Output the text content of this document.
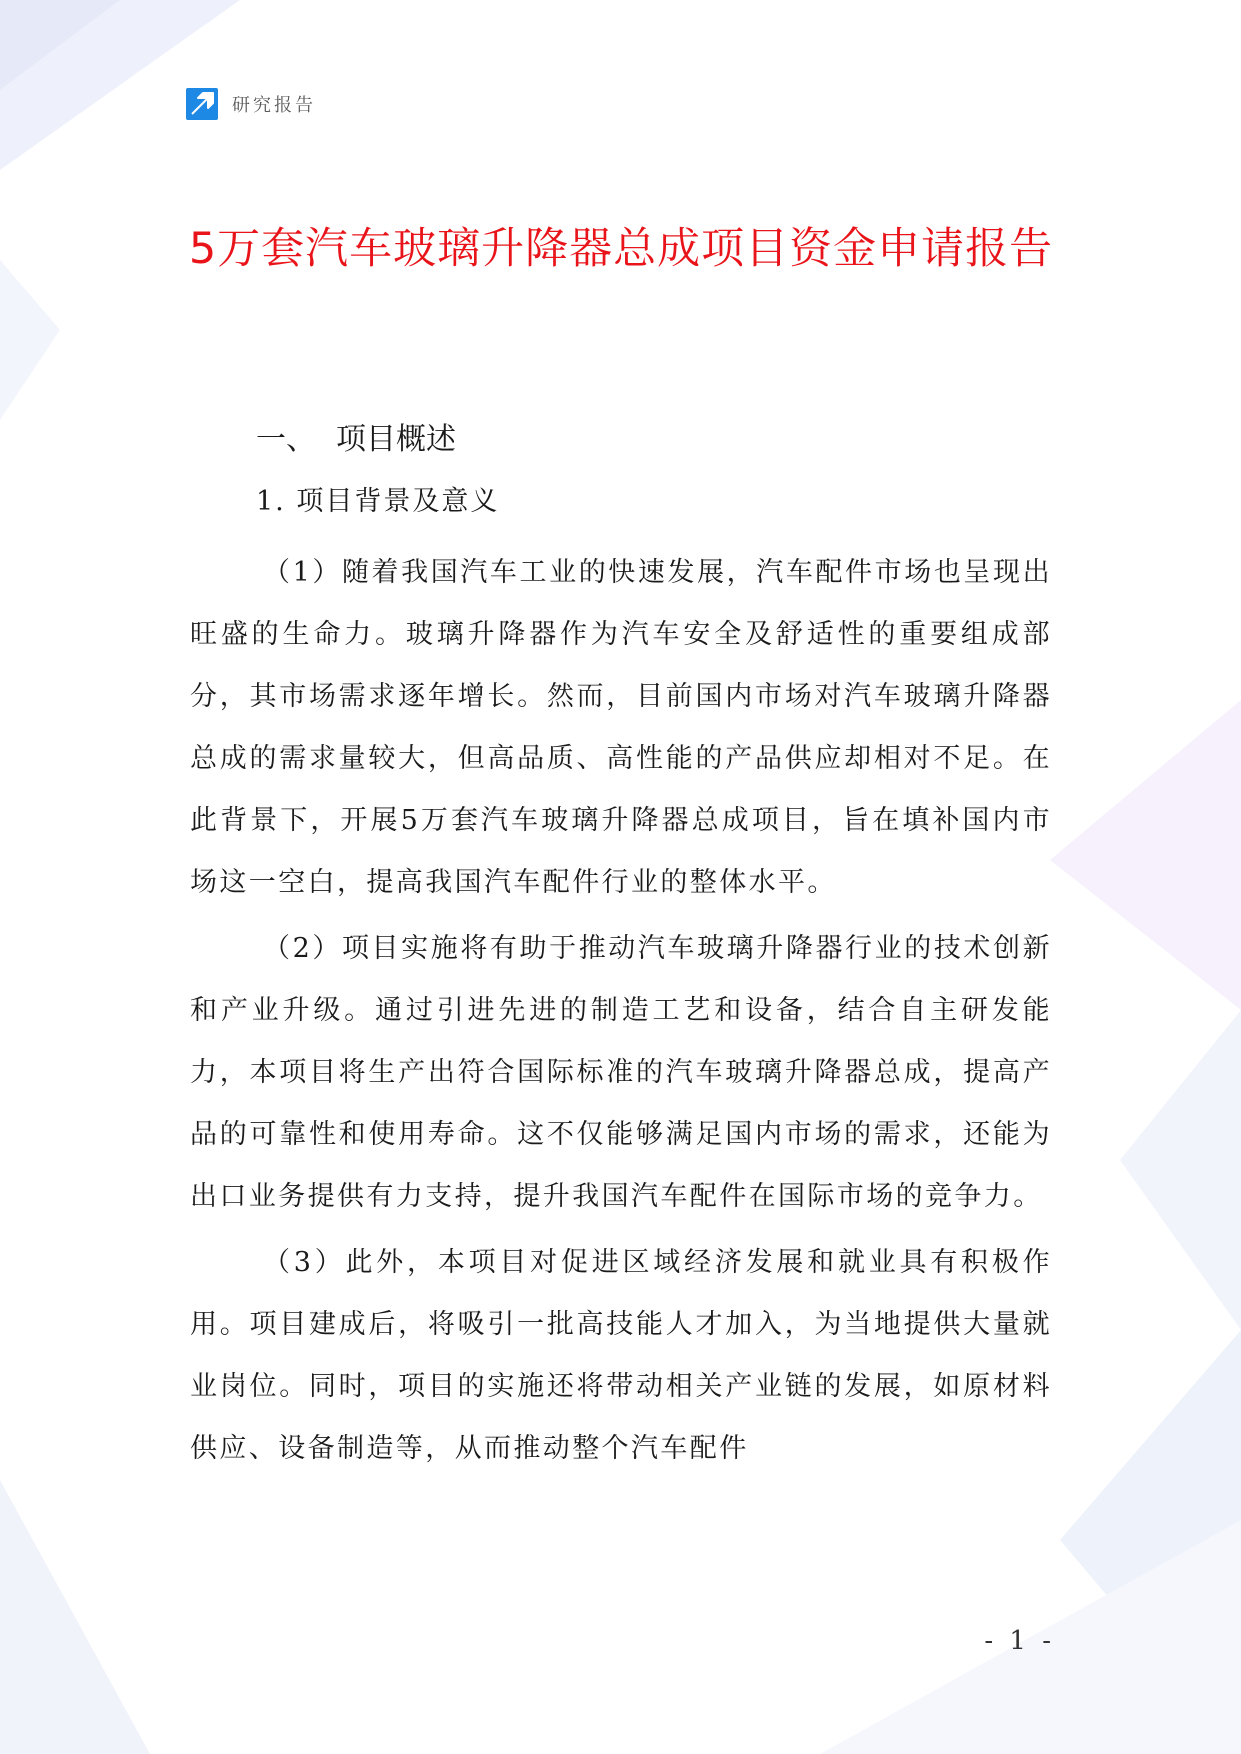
研究报告
5万套汽车玻璃升降器总成项目资金申请报告
一、 项目概述
1. 项目背景及意义

（1）随着我国汽车工业的快速发展，汽车配件市场也呈现出旺盛的生命力。玻璃升降器作为汽车安全及舒适性的重要组成部分，其市场需求逐年增长。然而，目前国内市场对汽车玻璃升降器总成的需求量较大，但高品质、高性能的产品供应却相对不足。在此背景下，开展5万套汽车玻璃升降器总成项目，旨在填补国内市场这一空白，提高我国汽车配件行业的整体水平。

（2）项目实施将有助于推动汽车玻璃升降器行业的技术创新和产业升级。通过引进先进的制造工艺和设备，结合自主研发能力，本项目将生产出符合国际标准的汽车玻璃升降器总成，提高产品的可靠性和使用寿命。这不仅能够满足国内市场的需求，还能为出口业务提供有力支持，提升我国汽车配件在国际市场的竞争力。

（3）此外，本项目对促进区域经济发展和就业具有积极作用。项目建成后，将吸引一批高技能人才加入，为当地提供大量就业岗位。同时，项目的实施还将带动相关产业链的发展，如原材料供应、设备制造等，从而推动整个汽车配件

- 1 -
